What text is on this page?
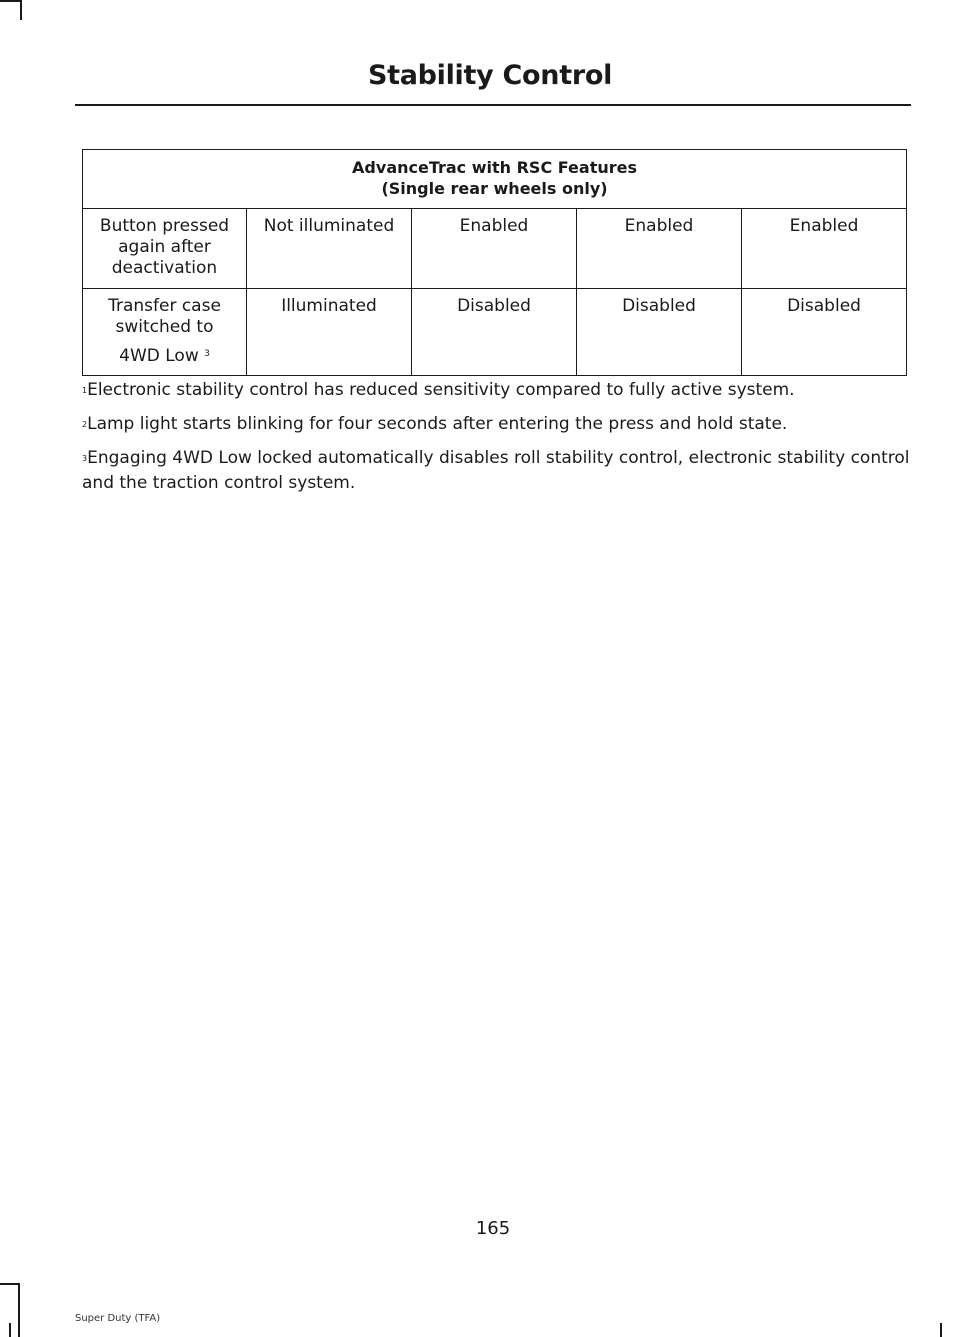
Stability Control
AdvanceTrac with RSC Features
(Single rear wheels only)				

Button pressed again after deactivation	Not illuminated	Enabled	Enabled	Enabled
Transfer case switched to
4WD Low $^3$	Illuminated	Disabled	Disabled	Disabled

$^1$Electronic stability control has reduced sensitivity compared to fully active system.

$^2$Lamp light starts blinking for four seconds after entering the press and hold state.

$^3$Engaging 4WD Low locked automatically disables roll stability control, electronic stability control and the traction control system.

165
Super Duty (TFA)
